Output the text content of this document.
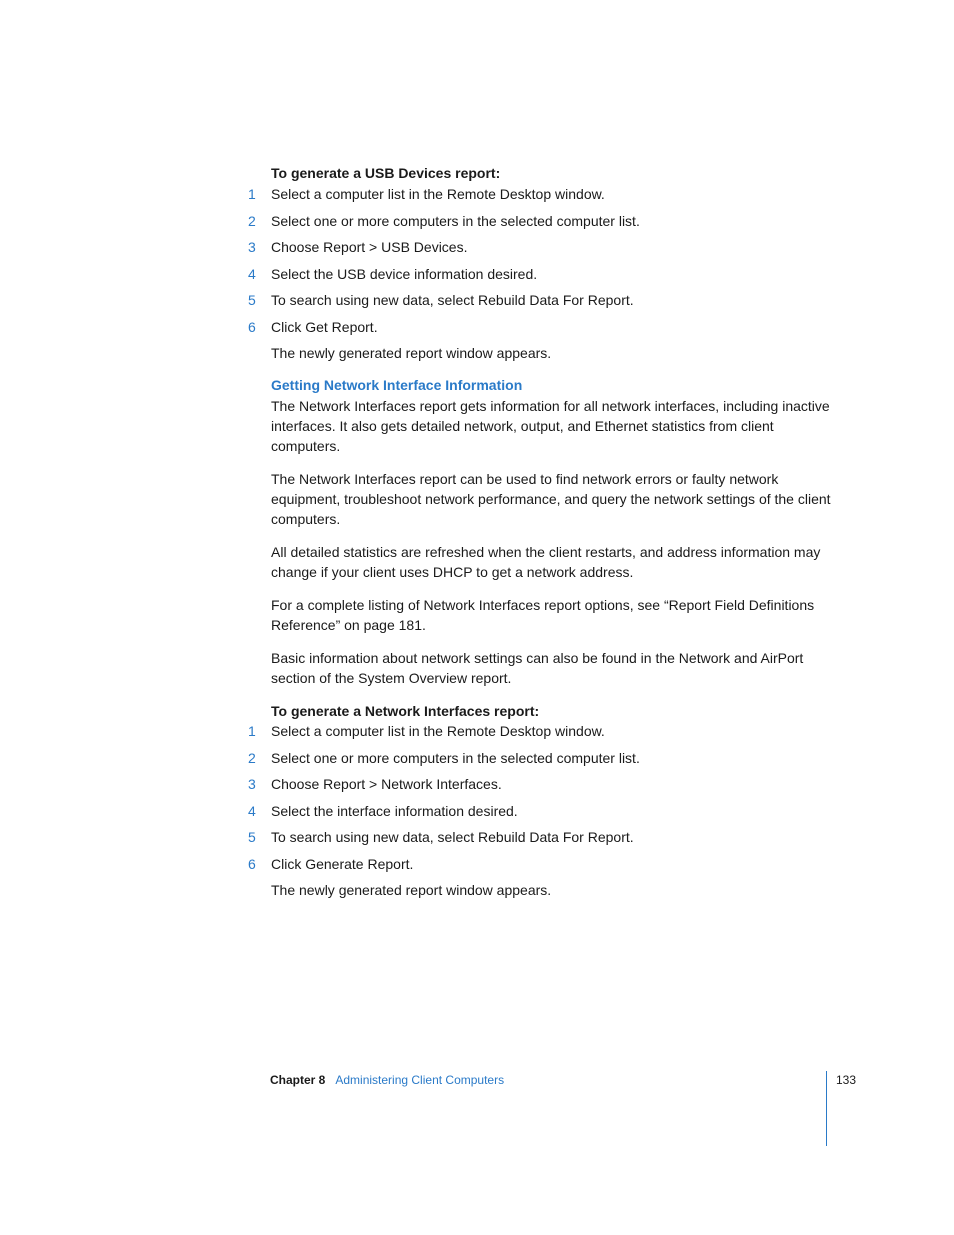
To generate a USB Devices report:
1	Select a computer list in the Remote Desktop window.
2	Select one or more computers in the selected computer list.
3	Choose Report > USB Devices.
4	Select the USB device information desired.
5	To search using new data, select Rebuild Data For Report.
6	Click Get Report.

The newly generated report window appears.

Getting Network Interface Information

The Network Interfaces report gets information for all network interfaces, including inactive interfaces. It also gets detailed network, output, and Ethernet statistics from client computers.

The Network Interfaces report can be used to find network errors or faulty network equipment, troubleshoot network performance, and query the network settings of the client computers.

All detailed statistics are refreshed when the client restarts, and address information may change if your client uses DHCP to get a network address.

For a complete listing of Network Interfaces report options, see “Report Field Definitions Reference” on page 181.

Basic information about network settings can also be found in the Network and AirPort section of the System Overview report.

To generate a Network Interfaces report:
1	Select a computer list in the Remote Desktop window.
2	Select one or more computers in the selected computer list.
3	Choose Report > Network Interfaces.
4	Select the interface information desired.
5	To search using new data, select Rebuild Data For Report.
6	Click Generate Report.

The newly generated report window appears.

Chapter 8 Administering Client Computers	133
